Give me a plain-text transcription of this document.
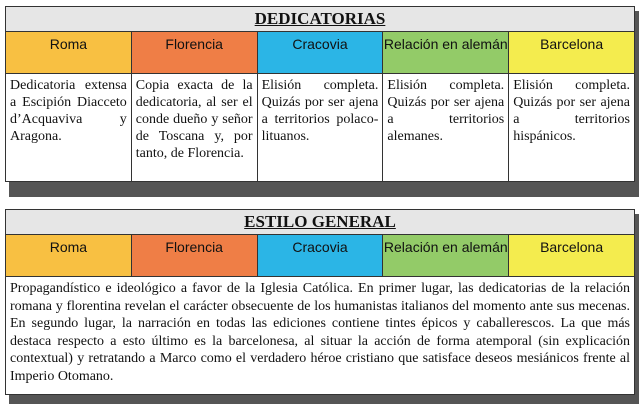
DEDICATORIAS				
Roma	Florencia	Cracovia	Relación en alemán	Barcelona
Dedicatoria extensa a Escipión Diacceto d’Acquaviva y Aragona.	Copia exacta de la dedicatoria, al ser el conde dueño y señor de Toscana y, por tanto, de Florencia.	Elisión completa. Quizás por ser ajena a territorios polaco-lituanos.	Elisión completa. Quizás por ser ajena a territorios alemanes.	Elisión completa. Quizás por ser ajena a territorios hispánicos.
ESTILO GENERAL
Roma	Florencia	Cracovia	Relación en alemán	Barcelona
Propagandístico e ideológico a favor de la Iglesia Católica. En primer lugar, las dedicatorias de la relación romana y florentina revelan el carácter obsecuente de los humanistas italianos del momento ante sus mecenas. En segundo lugar, la narración en todas las ediciones contiene tintes épicos y caballerescos. La que más destaca respecto a esto último es la barcelonesa, al situar la acción de forma atemporal (sin explicación contextual) y retratando a Marco como el verdadero héroe cristiano que satisface deseos mesiánicos frente al Imperio Otomano.
